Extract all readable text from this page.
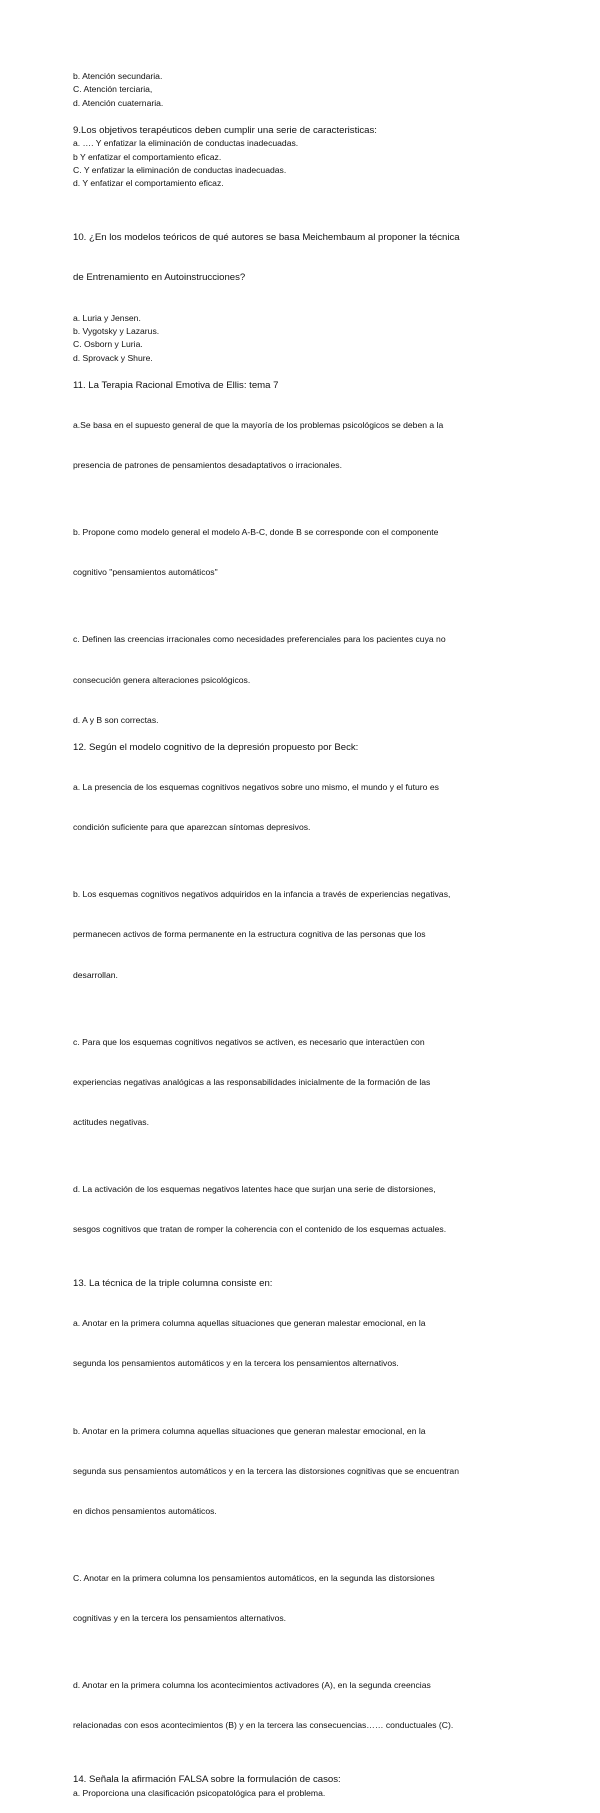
b. Atención secundaria.

C. Atención terciaria,

d. Atención cuaternaria.

9.Los objetivos terapéuticos deben cumplir una serie de caracteristicas:

a. …. Y enfatizar la eliminación de conductas inadecuadas.

b Y enfatizar el comportamiento eficaz.

C. Y enfatizar la eliminación de conductas inadecuadas.

d. Y enfatizar el comportamiento eficaz.

10. ¿En los modelos teóricos de qué autores se basa Meichembaum al proponer la técnica

de Entrenamiento en Autoinstrucciones?

a. Luria y Jensen.

b. Vygotsky y Lazarus.

C. Osborn y Luria.

d. Sprovack y Shure.

11. La Terapia Racional Emotiva de Ellis: tema 7

a.Se basa en el supuesto general de que la mayoría de los problemas psicológicos se deben a la

presencia de patrones de pensamientos desadaptativos o irracionales.

b. Propone como modelo general el modelo A-B-C, donde B se corresponde con el componente

cognitivo "pensamientos automáticos"

c. Definen las creencias irracionales como necesidades preferenciales para los pacientes cuya no

consecución genera alteraciones psicológicos.

d. A y B son correctas.

12. Según el modelo cognitivo de la depresión propuesto por Beck:

a. La presencia de los esquemas cognitivos negativos sobre uno mismo, el mundo y el futuro es

condición suficiente para que aparezcan síntomas depresivos.

b. Los esquemas cognitivos negativos adquiridos en la infancia a través de experiencias negativas,

permanecen activos de forma permanente en la estructura cognitiva de las personas que los

desarrollan.

c. Para que los esquemas cognitivos negativos se activen, es necesario que interactúen con

experiencias negativas analógicas a las responsabilidades inicialmente de la formación de las

actitudes negativas.

d. La activación de los esquemas negativos latentes hace que surjan una serie de distorsiones,

sesgos cognitivos que tratan de romper la coherencia con el contenido de los esquemas actuales.

13. La técnica de la triple columna consiste en:

a. Anotar en la primera columna aquellas situaciones que generan malestar emocional, en la

segunda los pensamientos automáticos y en la tercera los pensamientos alternativos.

b. Anotar en la primera columna aquellas situaciones que generan malestar emocional, en la

segunda sus pensamientos automáticos y en la tercera las distorsiones cognitivas que se encuentran

en dichos pensamientos automáticos.

C. Anotar en la primera columna los pensamientos automáticos, en la segunda las distorsiones

cognitivas y en la tercera los pensamientos alternativos.

d. Anotar en la primera columna los acontecimientos activadores (A), en la segunda creencias

relacionadas con esos acontecimientos (B) y en la tercera las consecuencias…… conductuales (C).

14. Señala la afirmación FALSA sobre la formulación de casos:

a. Proporciona una clasificación psicopatológica para el problema.
